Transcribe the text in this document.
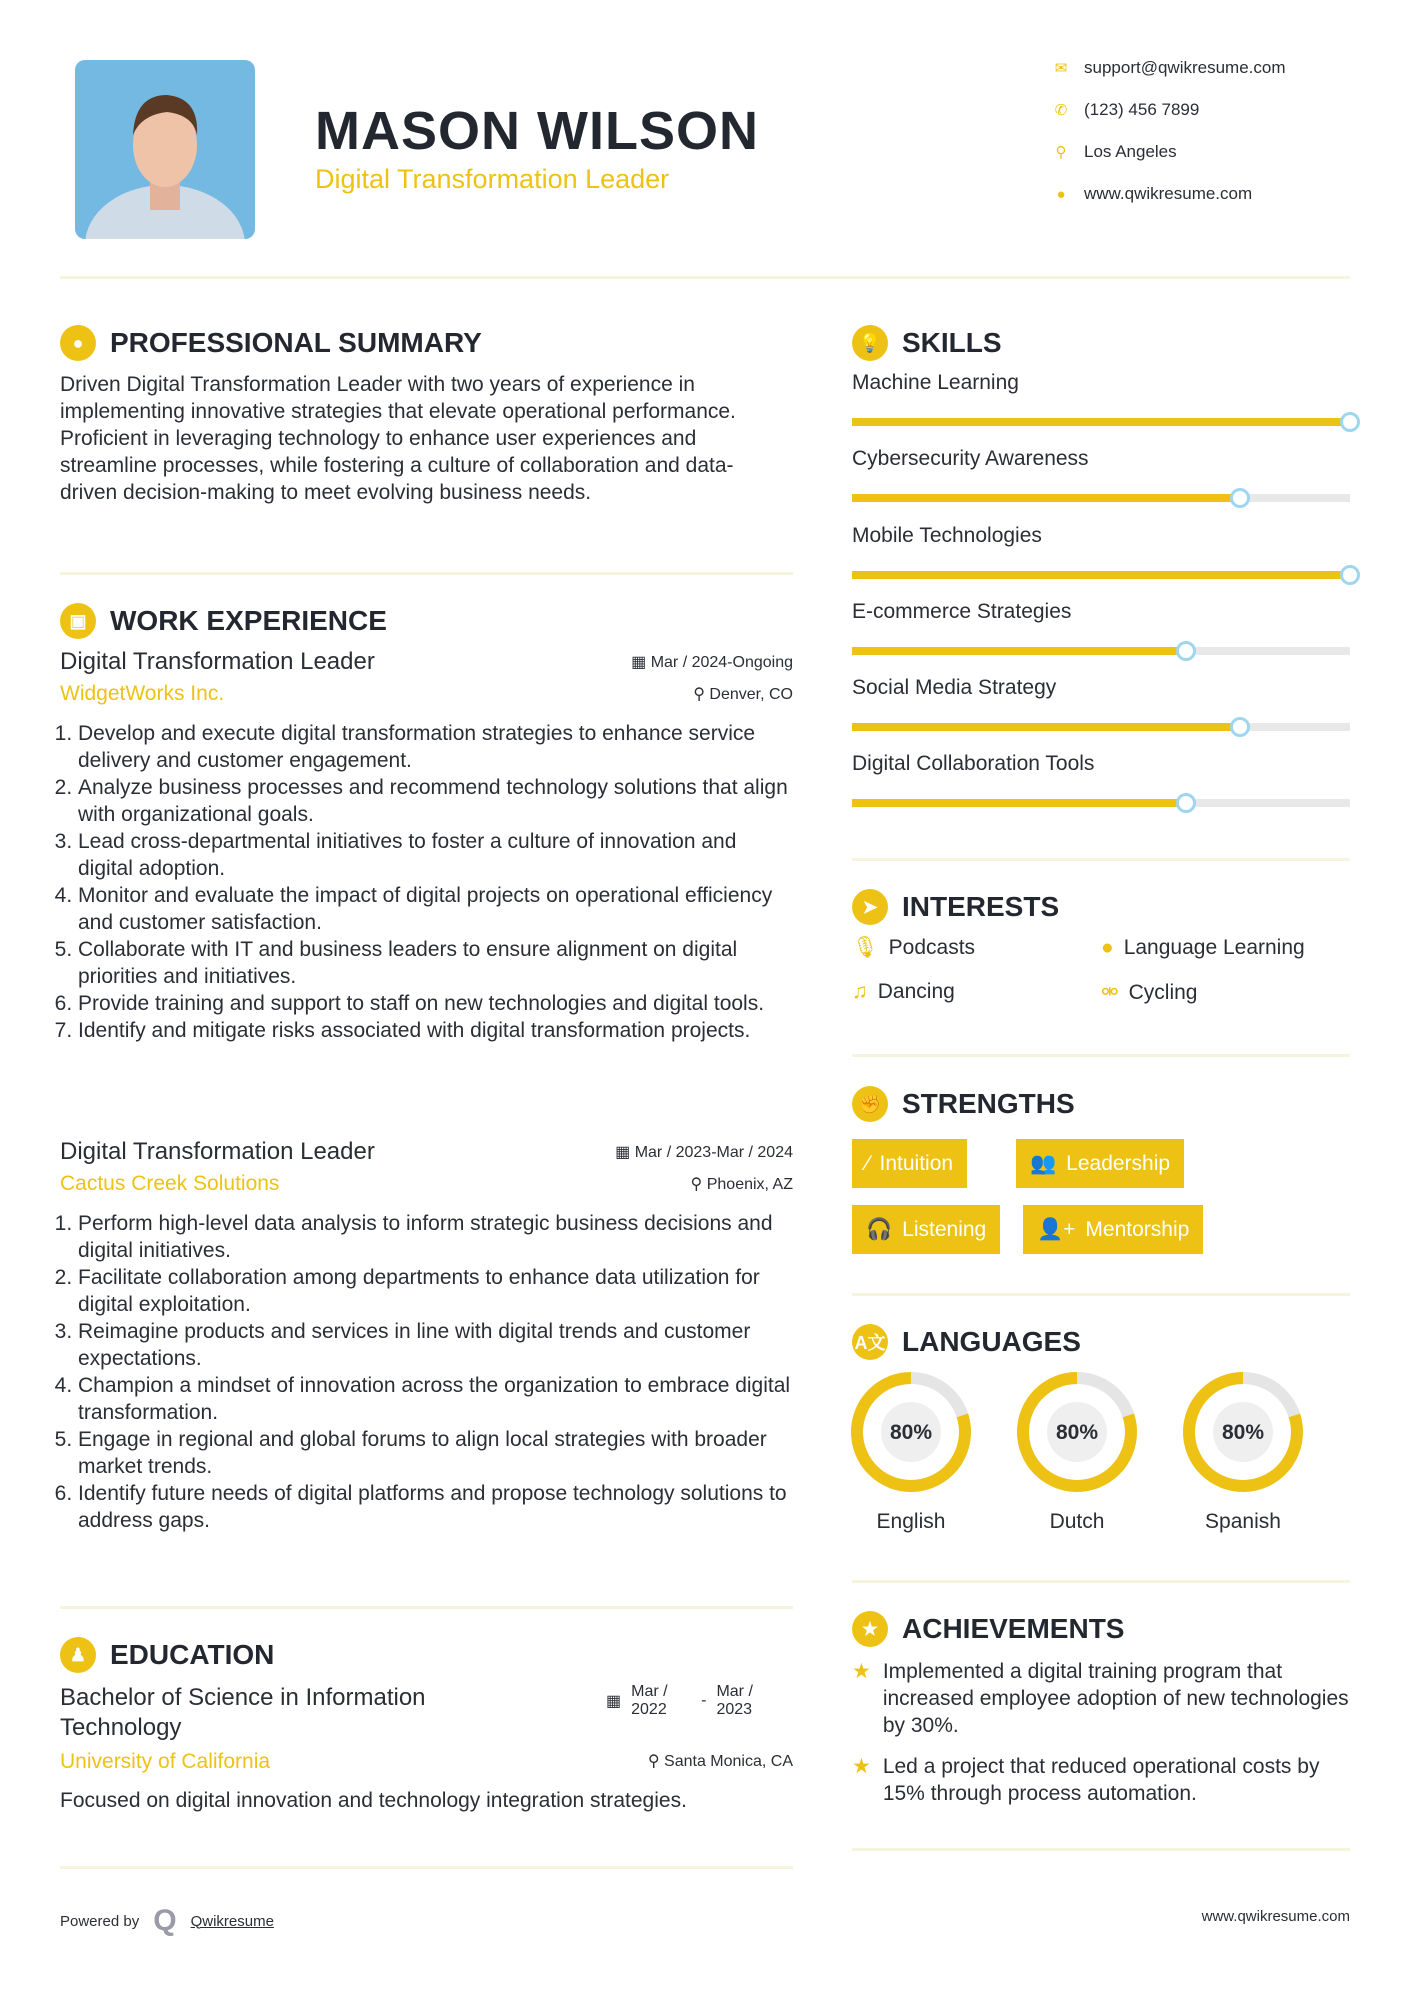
MASON WILSON
Digital Transformation Leader
✉ support@qwikresume.com
✆ (123) 456 7899
⚲ Los Angeles
● www.qwikresume.com
● PROFESSIONAL SUMMARY
Driven Digital Transformation Leader with two years of experience in implementing innovative strategies that elevate operational performance. Proficient in leveraging technology to enhance user experiences and streamline processes, while fostering a culture of collaboration and data-driven decision-making to meet evolving business needs.
▣ WORK EXPERIENCE
Digital Transformation Leader	▦ Mar / 2024-Ongoing
WidgetWorks Inc.	⚲ Denver, CO
1. Develop and execute digital transformation strategies to enhance service delivery and customer engagement.
2. Analyze business processes and recommend technology solutions that align with organizational goals.
3. Lead cross-departmental initiatives to foster a culture of innovation and digital adoption.
4. Monitor and evaluate the impact of digital projects on operational efficiency and customer satisfaction.
5. Collaborate with IT and business leaders to ensure alignment on digital priorities and initiatives.
6. Provide training and support to staff on new technologies and digital tools.
7. Identify and mitigate risks associated with digital transformation projects.
Digital Transformation Leader	▦ Mar / 2023-Mar / 2024
Cactus Creek Solutions	⚲ Phoenix, AZ
1. Perform high-level data analysis to inform strategic business decisions and digital initiatives.
2. Facilitate collaboration among departments to enhance data utilization for digital exploitation.
3. Reimagine products and services in line with digital trends and customer expectations.
4. Champion a mindset of innovation across the organization to embrace digital transformation.
5. Engage in regional and global forums to align local strategies with broader market trends.
6. Identify future needs of digital platforms and propose technology solutions to address gaps.
♟ EDUCATION
Bachelor of Science in Information Technology
▦
Mar / 2022
-
Mar / 2023
University of California	⚲ Santa Monica, CA
Focused on digital innovation and technology integration strategies.
Powered by Q Qwikresume	www.qwikresume.com
💡 SKILLS
Machine Learning
Cybersecurity Awareness
Mobile Technologies
E-commerce Strategies
Social Media Strategy
Digital Collaboration Tools
➤ INTERESTS
🎙 Podcasts	● Language Learning
♫ Dancing	⚮ Cycling
✊ STRENGTHS
⁄ Intuition	👥 Leadership
🎧 Listening 👤+ Mentorship
A文 LANGUAGES
80%
English
80%
Dutch
80%
Spanish
★ ACHIEVEMENTS
★ Implemented a digital training program that increased employee adoption of new technologies by 30%.
★ Led a project that reduced operational costs by 15% through process automation.
